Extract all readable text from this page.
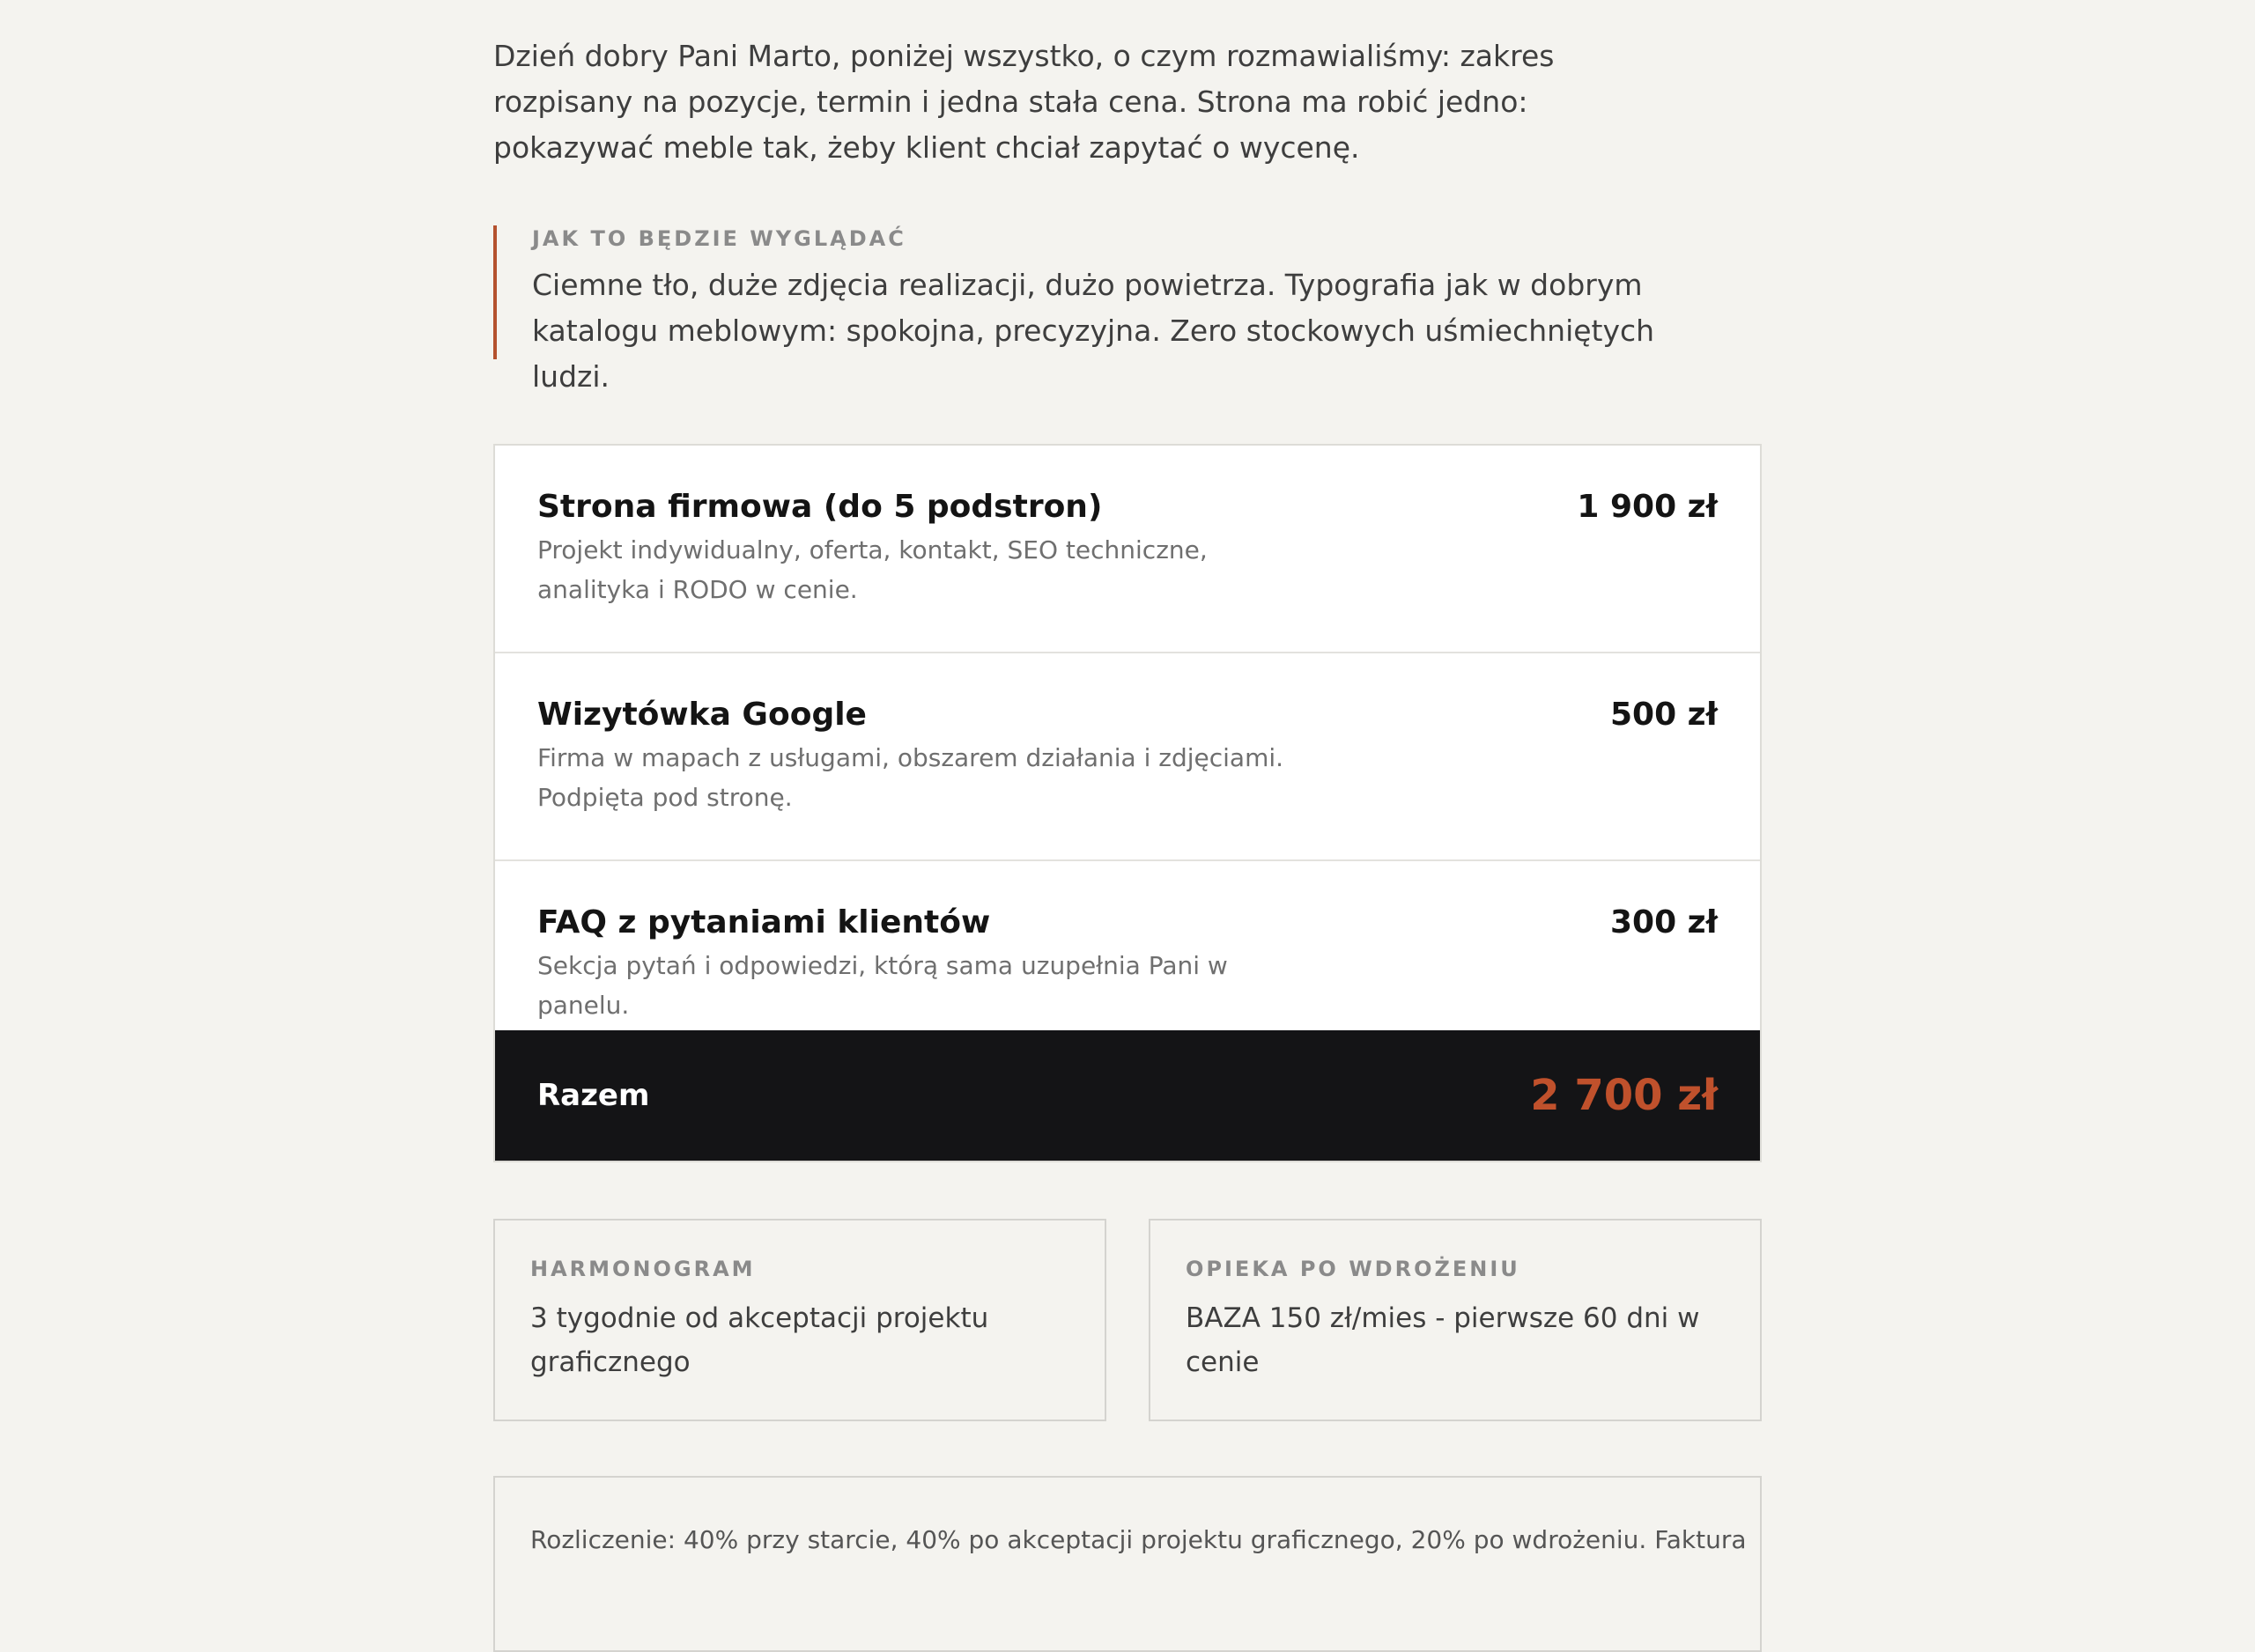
Dzień dobry Pani Marto, poniżej wszystko, o czym rozmawialiśmy: zakres rozpisany na pozycje, termin i jedna stała cena. Strona ma robić jedno: pokazywać meble tak, żeby klient chciał zapytać o wycenę.

JAK TO BĘDZIE WYGLĄDAĆ
Ciemne tło, duże zdjęcia realizacji, dużo powietrza. Typografia jak w dobrym katalogu meblowym: spokojna, precyzyjna. Zero stockowych uśmiechniętych ludzi.
Strona firmowa (do 5 podstron)
Projekt indywidualny, oferta, kontakt, SEO techniczne, analityka i RODO w cenie.
1 900 zł
Wizytówka Google
Firma w mapach z usługami, obszarem działania i zdjęciami. Podpięta pod stronę.
500 zł
FAQ z pytaniami klientów
Sekcja pytań i odpowiedzi, którą sama uzupełnia Pani w panelu.
300 zł
Razem	2 700 zł
HARMONOGRAM
3 tygodnie od akceptacji projektu graficznego
OPIEKA PO WDROŻENIU
BAZA 150 zł/mies - pierwsze 60 dni w cenie
Rozliczenie: 40% przy starcie, 40% po akceptacji projektu graficznego, 20% po wdrożeniu. Faktura
